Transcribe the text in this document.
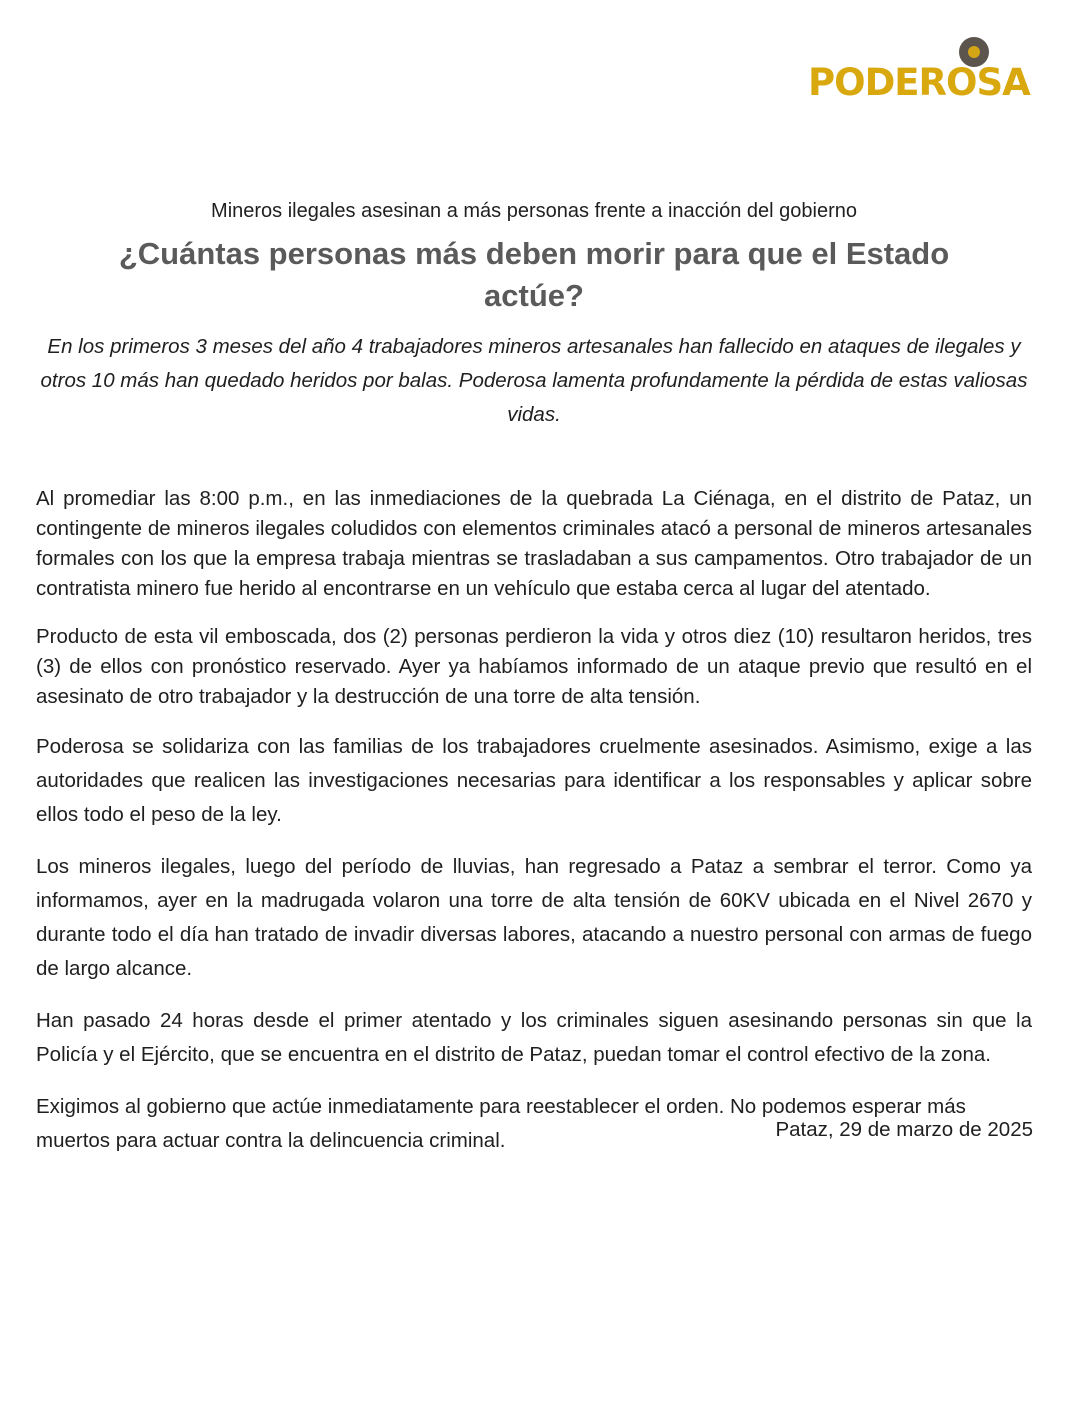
PODEROSA
Mineros ilegales asesinan a más personas frente a inacción del gobierno
¿Cuántas personas más deben morir para que el Estado actúe?
En los primeros 3 meses del año 4 trabajadores mineros artesanales han fallecido en ataques de ilegales y otros 10 más han quedado heridos por balas. Poderosa lamenta profundamente la pérdida de estas valiosas vidas.

Al promediar las 8:00 p.m., en las inmediaciones de la quebrada La Ciénaga, en el distrito de Pataz, un contingente de mineros ilegales coludidos con elementos criminales atacó a personal de mineros artesanales formales con los que la empresa trabaja mientras se trasladaban a sus campamentos. Otro trabajador de un contratista minero fue herido al encontrarse en un vehículo que estaba cerca al lugar del atentado.

Producto de esta vil emboscada, dos (2) personas perdieron la vida y otros diez (10) resultaron heridos, tres (3) de ellos con pronóstico reservado. Ayer ya habíamos informado de un ataque previo que resultó en el asesinato de otro trabajador y la destrucción de una torre de alta tensión.

Poderosa se solidariza con las familias de los trabajadores cruelmente asesinados. Asimismo, exige a las autoridades que realicen las investigaciones necesarias para identificar a los responsables y aplicar sobre ellos todo el peso de la ley.

Los mineros ilegales, luego del período de lluvias, han regresado a Pataz a sembrar el terror. Como ya informamos, ayer en la madrugada volaron una torre de alta tensión de 60KV ubicada en el Nivel 2670 y durante todo el día han tratado de invadir diversas labores, atacando a nuestro personal con armas de fuego de largo alcance.

Han pasado 24 horas desde el primer atentado y los criminales siguen asesinando personas sin que la Policía y el Ejército, que se encuentra en el distrito de Pataz, puedan tomar el control efectivo de la zona.

Exigimos al gobierno que actúe inmediatamente para reestablecer el orden. No podemos esperar más muertos para actuar contra la delincuencia criminal.	Pataz, 29 de marzo de 2025
